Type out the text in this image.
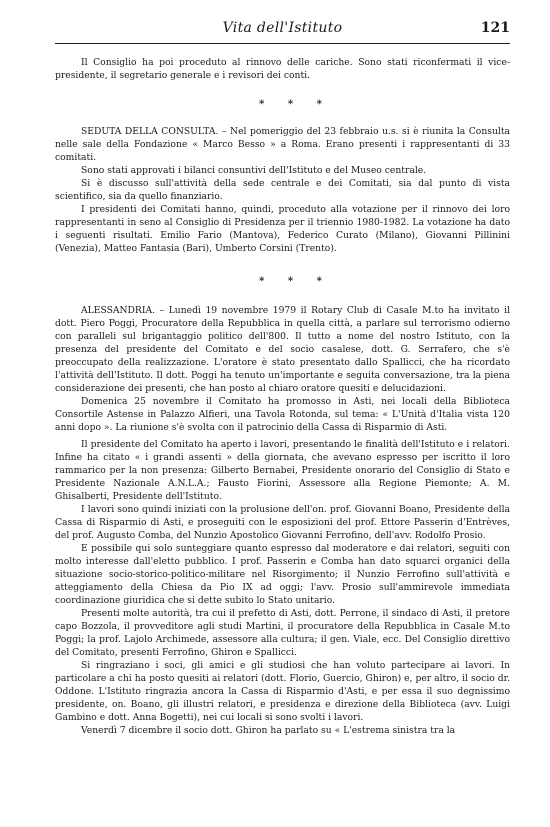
Vita dell'Istituto	121

Il Consiglio ha poi proceduto al rinnovo delle cariche. Sono stati riconfermati il vice-presidente, il segretario generale e i revisori dei conti.

* * *

SEDUTA DELLA CONSULTA. – Nel pomeriggio del 23 febbraio u.s. si è riunita la Consulta nelle sale della Fondazione « Marco Besso » a Roma. Erano presenti i rappresentanti di 33 comitati.

Sono stati approvati i bilanci consuntivi dell'Istituto e del Museo centrale.

Si è discusso sull'attività della sede centrale e dei Comitati, sia dal punto di vista scientifico, sia da quello finanziario.

I presidenti dei Comitati hanno, quindi, proceduto alla votazione per il rinnovo dei loro rappresentanti in seno al Consiglio di Presidenza per il triennio 1980-1982. La votazione ha dato i seguenti risultati. Emilio Fario (Mantova), Federico Curato (Milano), Giovanni Pillinini (Venezia), Matteo Fantasia (Bari), Umberto Corsini (Trento).

* * *

ALESSANDRIA. – Lunedì 19 novembre 1979 il Rotary Club di Casale M.to ha invitato il dott. Piero Poggi, Procuratore della Repubblica in quella città, a parlare sul terrorismo odierno con paralleli sul brigantaggio politico dell'800. Il tutto a nome del nostro Istituto, con la presenza del presidente del Comitato e del socio casalese, dott. G. Serrafero, che s'è preoccupato della realizzazione. L'oratore è stato presentato dallo Spallicci, che ha ricordato l'attività dell'Istituto. Il dott. Poggi ha tenuto un'importante e seguita conversazione, tra la piena considerazione dei presenti, che han posto al chiaro oratore quesiti e delucidazioni.

Domenica 25 novembre il Comitato ha promosso in Asti, nei locali della Biblioteca Consortile Astense in Palazzo Alfieri, una Tavola Rotonda, sul tema: « L'Unità d'Italia vista 120 anni dopo ». La riunione s'è svolta con il patrocinio della Cassa di Risparmio di Asti.

Il presidente del Comitato ha aperto i lavori, presentando le finalità dell'Istituto e i relatori. Infine ha citato « i grandi assenti » della giornata, che avevano espresso per iscritto il loro rammarico per la non presenza: Gilberto Bernabei, Presidente onorario del Consiglio di Stato e Presidente Nazionale A.N.L.A.; Fausto Fiorini, Assessore alla Regione Piemonte; A. M. Ghisalberti, Presidente dell'Istituto.

I lavori sono quindi iniziati con la prolusione dell'on. prof. Giovanni Boano, Presidente della Cassa di Risparmio di Asti, e proseguiti con le esposizioni del prof. Ettore Passerin d'Entrèves, del prof. Augusto Comba, del Nunzio Apostolico Giovanni Ferrofino, dell'avv. Rodolfo Prosio.

E possibile qui solo sunteggiare quanto espresso dal moderatore e dai relatori, seguiti con molto interesse dall'eletto pubblico. I prof. Passerin e Comba han dato squarci organici della situazione socio-storico-politico-militare nel Risorgimento; il Nunzio Ferrofino sull'attività e atteggiamento della Chiesa da Pio IX ad oggi; l'avv. Prosio sull'ammirevole immediata coordinazione giuridica che si dette subito lo Stato unitario.

Presenti molte autorità, tra cui il prefetto di Asti, dott. Perrone, il sindaco di Asti, il pretore capo Bozzola, il provveditore agli studi Martini, il procuratore della Repubblica in Casale M.to Poggi; la prof. Lajolo Archimede, assessore alla cultura; il gen. Viale, ecc. Del Consiglio direttivo del Comitato, presenti Ferrofino, Ghiron e Spallicci.

Si ringraziano i soci, gli amici e gli studiosi che han voluto partecipare ai lavori. In particolare a chi ha posto quesiti ai relatori (dott. Florio, Guercio, Ghiron) e, per altro, il socio dr. Oddone. L'Istituto ringrazia ancora la Cassa di Risparmio d'Asti, e per essa il suo degnissimo presidente, on. Boano, gli illustri relatori, e presidenza e direzione della Biblioteca (avv. Luigi Gambino e dott. Anna Bogetti), nei cui locali si sono svolti i lavori.

Venerdì 7 dicembre il socio dott. Ghiron ha parlato su « L'estrema sinistra tra la
